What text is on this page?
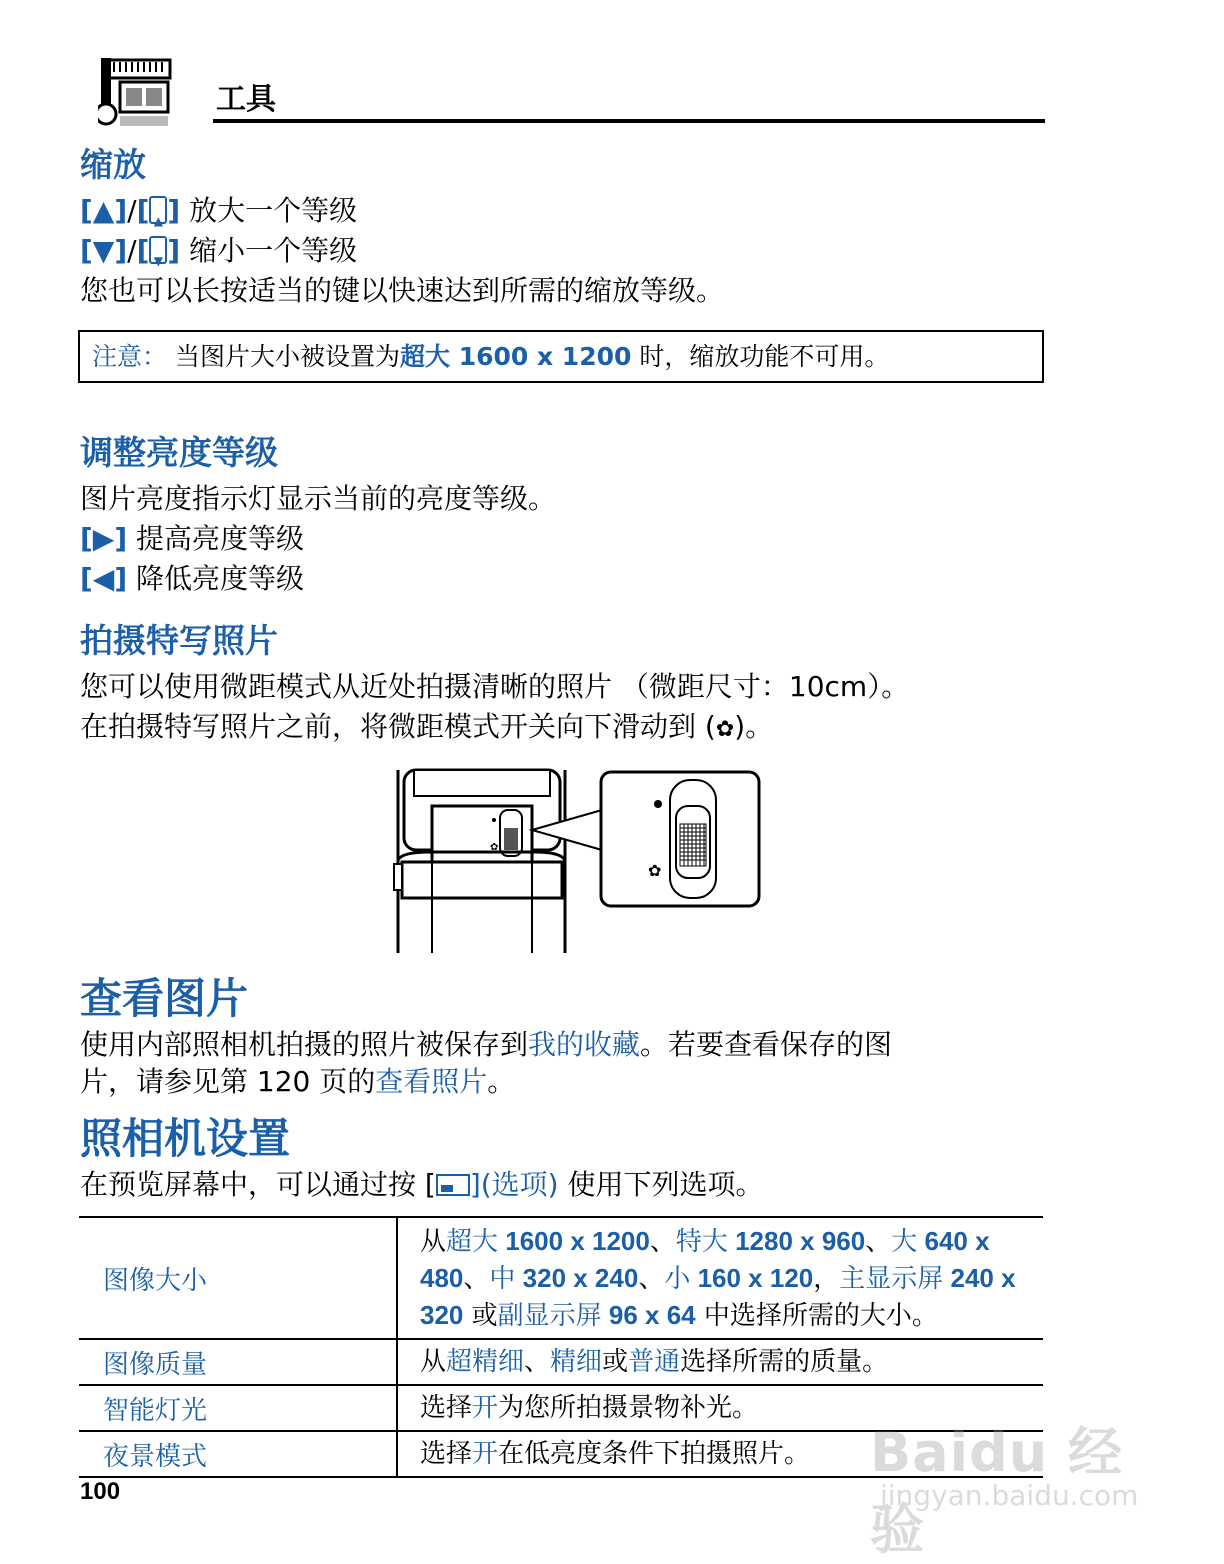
工具
缩放
[▲]/[ ▲ ] 放大一个等级
[▼]/[ ▼ ] 缩小一个等级
您也可以长按适当的键以快速达到所需的缩放等级。
注意： 当图片大小被设置为超大 1600 x 1200 时，缩放功能不可用。
调整亮度等级
图片亮度指示灯显示当前的亮度等级。
[▶] 提高亮度等级
[◀] 降低亮度等级
拍摄特写照片
您可以使用微距模式从近处拍摄清晰的照片 （微距尺寸：10cm）。
在拍摄特写照片之前，将微距模式开关向下滑动到 (✿)。
✿
✿
查看图片
使用内部照相机拍摄的照片被保存到我的收藏。若要查看保存的图
片，请参见第 120 页的查看照片。
照相机设置
在预览屏幕中，可以通过按 [ ](选项) 使用下列选项。
图像大小	从超大 1600 x 1200、特大 1280 x 960、大 640 x 480、中 320 x 240、小 160 x 120，主显示屏 240 x 320 或副显示屏 96 x 64 中选择所需的大小。
图像质量	从超精细、精细或普通选择所需的质量。
智能灯光	选择开为您所拍摄景物补光。
夜景模式	选择开在低亮度条件下拍摄照片。
100
Baidu 经验
jingyan.baidu.com
